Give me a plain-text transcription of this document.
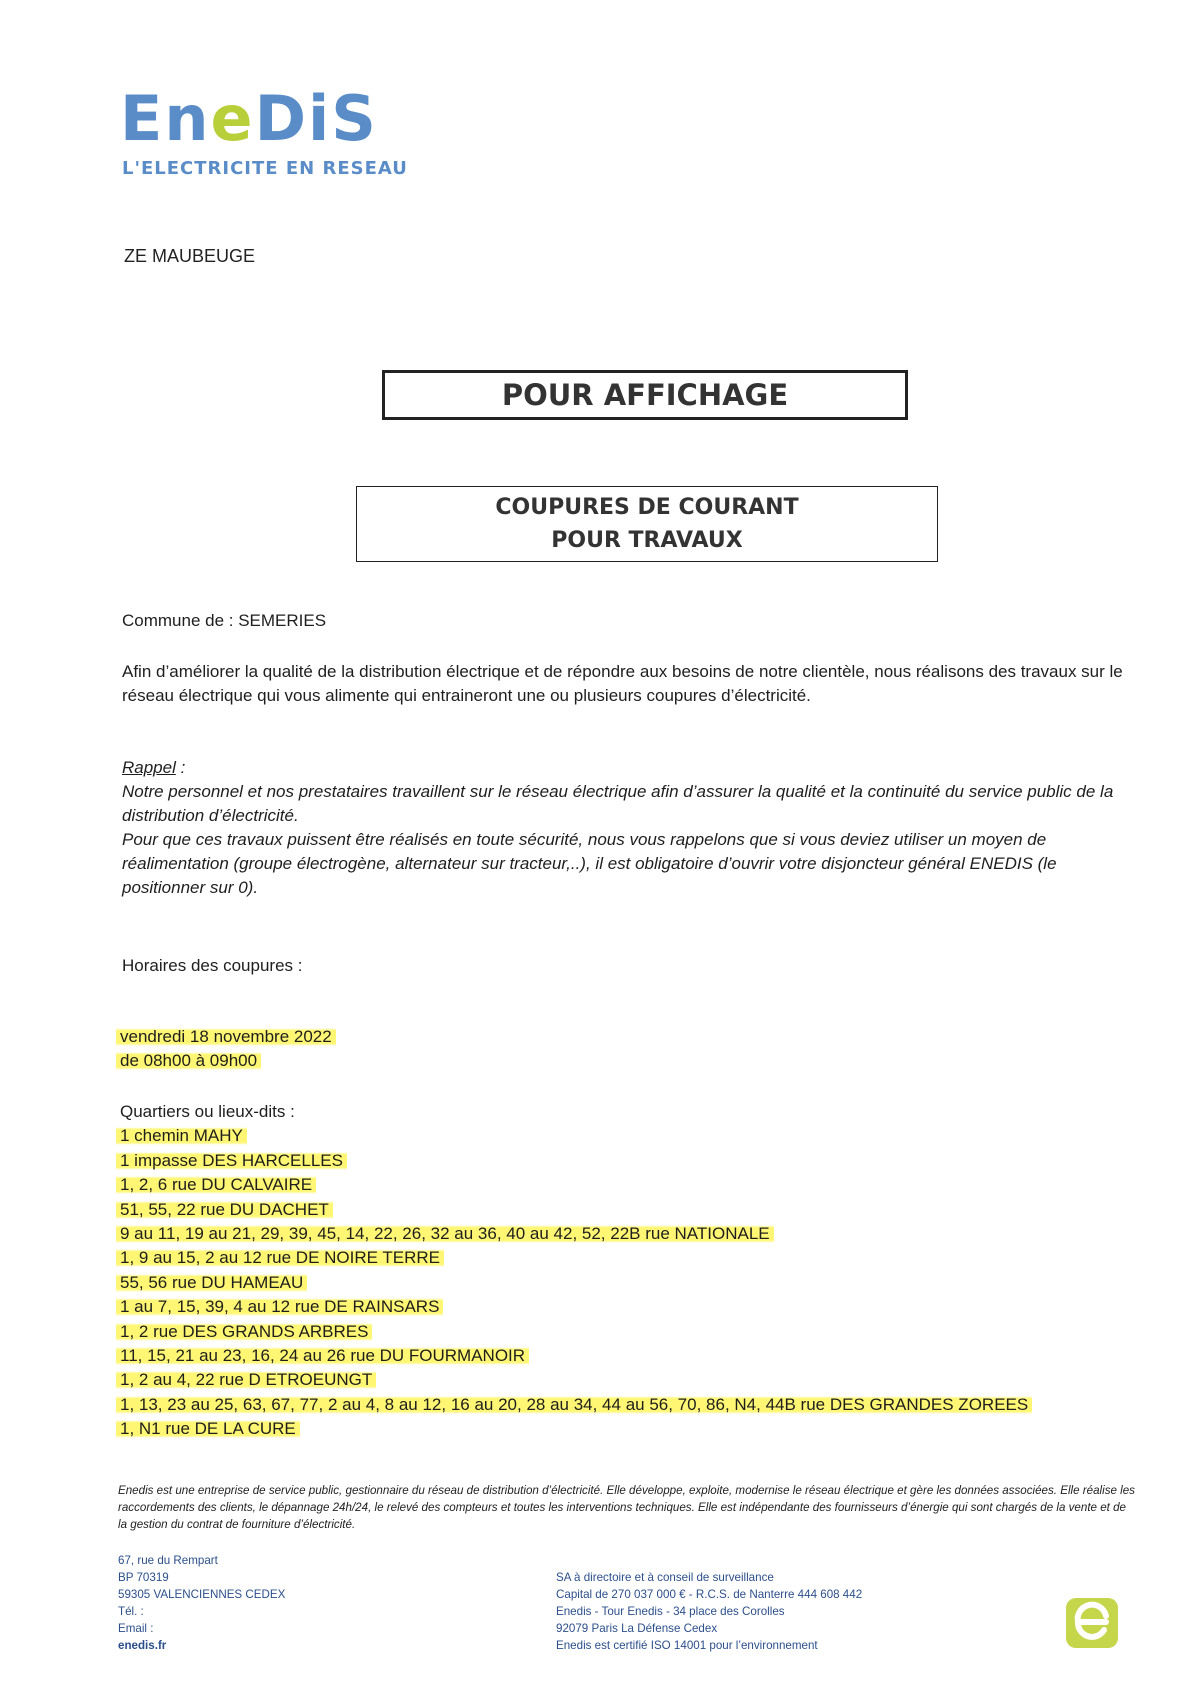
EneDiS
L'ELECTRICITE EN RESEAU
ZE MAUBEUGE
POUR AFFICHAGE
COUPURES DE COURANT
POUR TRAVAUX
Commune de : SEMERIES
Afin d’améliorer la qualité de la distribution électrique et de répondre aux besoins de notre clientèle, nous réalisons des travaux sur le réseau électrique qui vous alimente qui entraineront une ou plusieurs coupures d’électricité.
Rappel :
Notre personnel et nos prestataires travaillent sur le réseau électrique afin d’assurer la qualité et la continuité du service public de la distribution d’électricité.
Pour que ces travaux puissent être réalisés en toute sécurité, nous vous rappelons que si vous deviez utiliser un moyen de réalimentation (groupe électrogène, alternateur sur tracteur,..), il est obligatoire d’ouvrir votre disjoncteur général ENEDIS (le positionner sur 0).
Horaires des coupures :
vendredi 18 novembre 2022
de 08h00 à 09h00
Quartiers ou lieux-dits :
1 chemin MAHY
1 impasse DES HARCELLES
1, 2, 6 rue DU CALVAIRE
51, 55, 22 rue DU DACHET
9 au 11, 19 au 21, 29, 39, 45, 14, 22, 26, 32 au 36, 40 au 42, 52, 22B rue NATIONALE
1, 9 au 15, 2 au 12 rue DE NOIRE TERRE
55, 56 rue DU HAMEAU
1 au 7, 15, 39, 4 au 12 rue DE RAINSARS
1, 2 rue DES GRANDS ARBRES
11, 15, 21 au 23, 16, 24 au 26 rue DU FOURMANOIR
1, 2 au 4, 22 rue D ETROEUNGT
1, 13, 23 au 25, 63, 67, 77, 2 au 4, 8 au 12, 16 au 20, 28 au 34, 44 au 56, 70, 86, N4, 44B rue DES GRANDES ZOREES
1, N1 rue DE LA CURE
Enedis est une entreprise de service public, gestionnaire du réseau de distribution d’électricité. Elle développe, exploite, modernise le réseau électrique et gère les données associées. Elle réalise les raccordements des clients, le dépannage 24h/24, le relevé des compteurs et toutes les interventions techniques. Elle est indépendante des fournisseurs d’énergie qui sont chargés de la vente et de la gestion du contrat de fourniture d’électricité.
67, rue du Rempart
BP 70319
59305 VALENCIENNES CEDEX
Tél. :
Email :
enedis.fr
SA à directoire et à conseil de surveillance
Capital de 270 037 000 € - R.C.S. de Nanterre 444 608 442
Enedis - Tour Enedis - 34 place des Corolles
92079 Paris La Défense Cedex
Enedis est certifié ISO 14001 pour l’environnement
